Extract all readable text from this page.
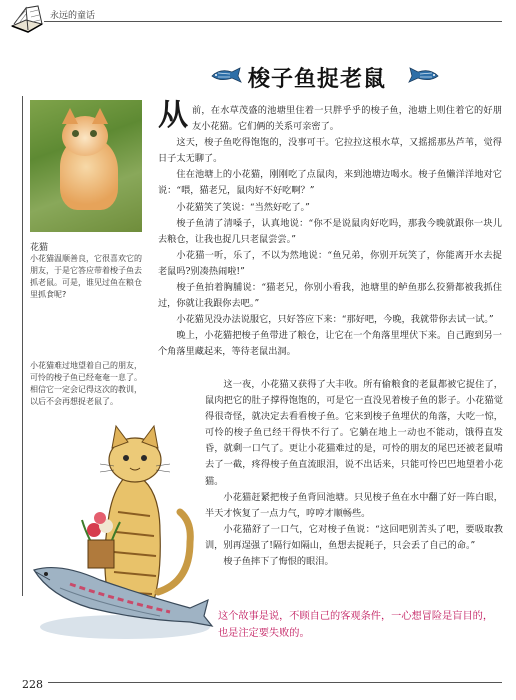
永远的童话
梭子鱼捉老鼠
花猫
小花猫温顺善良，它很喜欢它的朋友，于是它答应带着梭子鱼去抓老鼠。可是，谁见过鱼在粮仓里抓食呢?
小花猫难过地望着自己的朋友，可怜的梭子鱼已经奄奄一息了。相信它一定会记得这次的教训，以后不会再想捉老鼠了。

从前，在水草茂盛的池塘里住着一只胖乎乎的梭子鱼，池塘上则住着它的好朋友小花猫。它们俩的关系可亲密了。

这天，梭子鱼吃得饱饱的，没事可干。它拉拉这根水草，又摇摇那丛芦苇，觉得日子太无聊了。

住在池塘上的小花猫，刚刚吃了点鼠肉，来到池塘边喝水。梭子鱼懒洋洋地对它说：“喂，猫老兄，鼠肉好不好吃啊？”

小花猫笑了笑说：“当然好吃了。”

梭子鱼清了清嗓子，认真地说：“你不是说鼠肉好吃吗，那我今晚就跟你一块儿去粮仓，让我也捉几只老鼠尝尝。”

小花猫一听，乐了，不以为然地说：“鱼兄弟，你别开玩笑了，你能离开水去捉老鼠吗?别凑热闹啦!”

梭子鱼拍着胸脯说：“猫老兄，你别小看我，池塘里的鲈鱼那么狡猾都被我抓住过，你就让我跟你去吧。”

小花猫见没办法说服它，只好答应下来：“那好吧，今晚，我就带你去试一试。”

晚上，小花猫把梭子鱼带进了粮仓，让它在一个角落里埋伏下来。自己跑到另一个角落里藏起来，等待老鼠出洞。

这一夜，小花猫又获得了大丰收。所有偷粮食的老鼠都被它捉住了，鼠肉把它的肚子撑得饱饱的，可是它一直没见着梭子鱼的影子。小花猫觉得很奇怪，就决定去看看梭子鱼。它来到梭子鱼埋伏的角落，大吃一惊，可怜的梭子鱼已经干得快不行了。它躺在地上一动也不能动，饿得直发昏，就剩一口气了。更让小花猫难过的是，可怜的朋友的尾巴还被老鼠啃去了一截，疼得梭子鱼直流眼泪，说不出话来，只能可怜巴巴地望着小花猫。

小花猫赶紧把梭子鱼背回池塘。只见梭子鱼在水中翻了好一阵白眼，半天才恢复了一点力气，哼哼才顺畅些。

小花猫舒了一口气，它对梭子鱼说：“这回吧别苦头了吧，要吸取教训，别再逞强了!隔行如隔山，鱼想去捉耗子，只会丢了自己的命。”

梭子鱼摔下了悔恨的眼泪。

这个故事是说，不顾自己的客观条件，一心想冒险是盲目的，也是注定要失败的。
228
